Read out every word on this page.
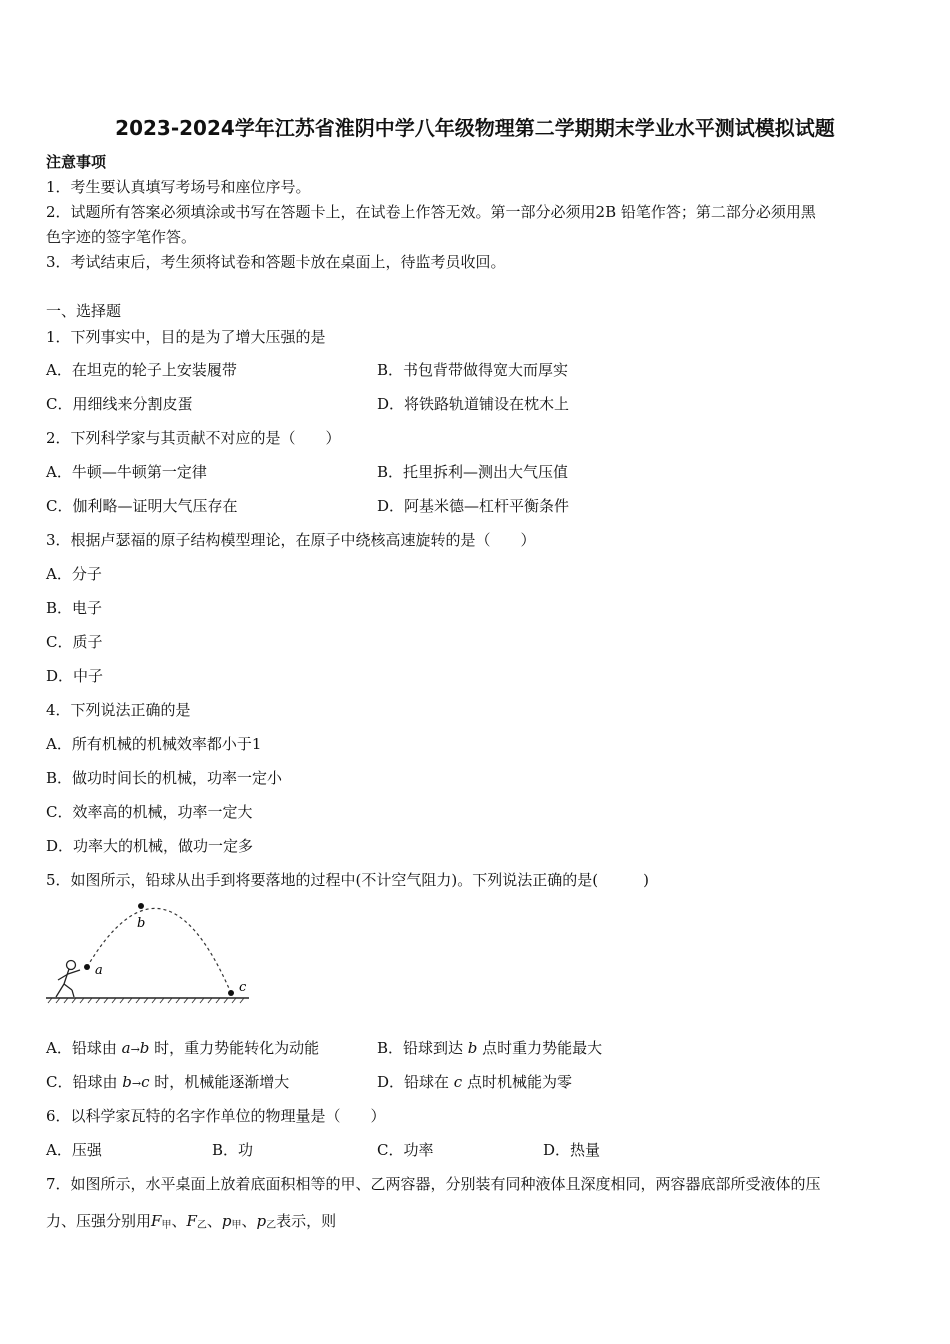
2023-2024学年江苏省淮阴中学八年级物理第二学期期末学业水平测试模拟试题
注意事项
1．考生要认真填写考场号和座位序号。
2．试题所有答案必须填涂或书写在答题卡上，在试卷上作答无效。第一部分必须用2B 铅笔作答；第二部分必须用黑
色字迹的签字笔作答。
3．考试结束后，考生须将试卷和答题卡放在桌面上，待监考员收回。
一、选择题
1．下列事实中，目的是为了增大压强的是
A．在坦克的轮子上安装履带	B．书包背带做得宽大而厚实
C．用细线来分割皮蛋	D．将铁路轨道铺设在枕木上
2．下列科学家与其贡献不对应的是（　　）
A．牛顿—牛顿第一定律	B．托里拆利—测出大气压值
C．伽利略—证明大气压存在	D．阿基米德—杠杆平衡条件
3．根据卢瑟福的原子结构模型理论，在原子中绕核高速旋转的是（　　）
A．分子
B．电子
C．质子
D．中子
4．下列说法正确的是
A．所有机械的机械效率都小于1
B．做功时间长的机械，功率一定小
C．效率高的机械，功率一定大
D．功率大的机械，做功一定多
5．如图所示，铅球从出手到将要落地的过程中(不计空气阻力)。下列说法正确的是(　　　)
a
b
c
A．铅球由 a→b 时，重力势能转化为动能	B．铅球到达 b 点时重力势能最大
C．铅球由 b→c 时，机械能逐渐增大	D．铅球在 c 点时机械能为零
6．以科学家瓦特的名字作单位的物理量是（　　）
A．压强	B．功	C．功率	D．热量
7．如图所示，水平桌面上放着底面积相等的甲、乙两容器，分别装有同种液体且深度相同，两容器底部所受液体的压
力、压强分别用F甲、F乙、p甲、p乙表示，则
